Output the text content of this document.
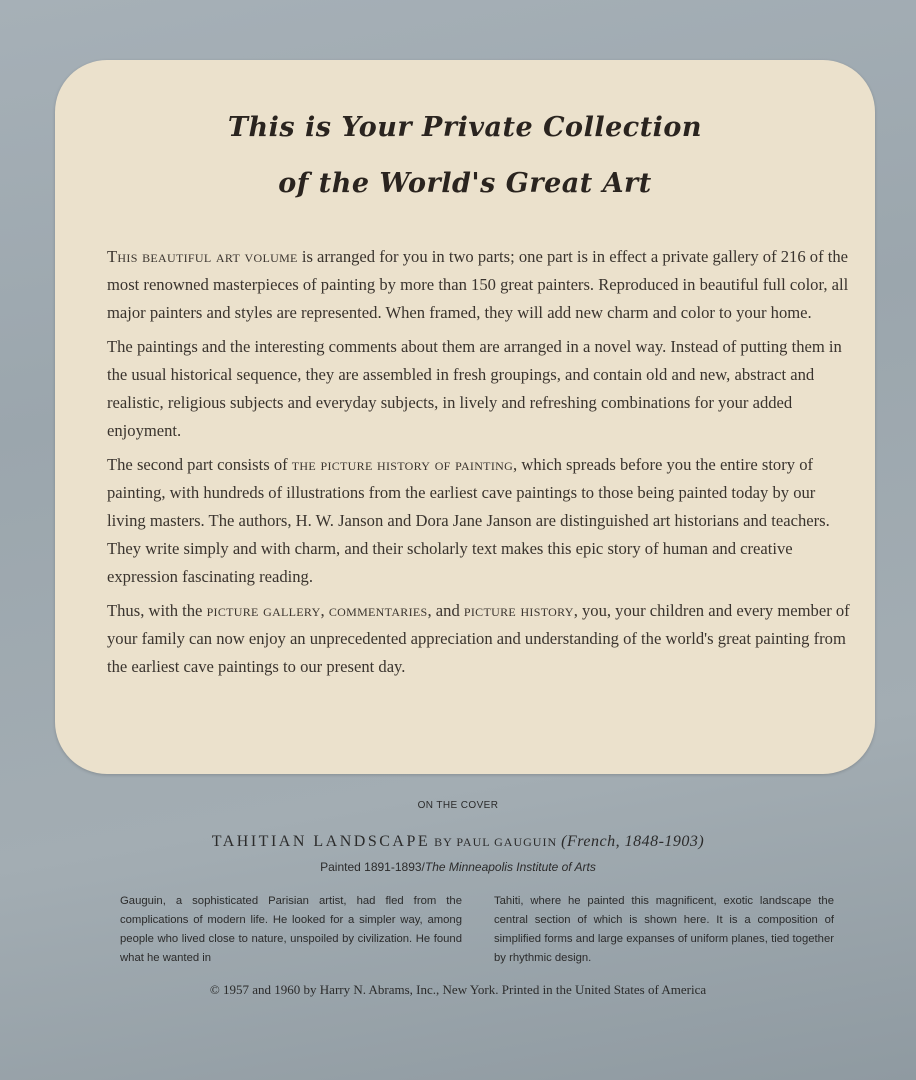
This is Your Private Collection
of the World's Great Art

This beautiful art volume is arranged for you in two parts; one part is in effect a private gallery of 216 of the most renowned masterpieces of painting by more than 150 great painters. Reproduced in beautiful full color, all major painters and styles are represented. When framed, they will add new charm and color to your home.

The paintings and the interesting comments about them are arranged in a novel way. Instead of putting them in the usual historical sequence, they are assembled in fresh groupings, and contain old and new, abstract and realistic, religious subjects and everyday subjects, in lively and refreshing combinations for your added enjoyment.

The second part consists of the picture history of painting, which spreads before you the entire story of painting, with hundreds of illustrations from the earliest cave paintings to those being painted today by our living masters. The authors, H. W. Janson and Dora Jane Janson are distinguished art historians and teachers. They write simply and with charm, and their scholarly text makes this epic story of human and creative expression fascinating reading.

Thus, with the picture gallery, commentaries, and picture history, you, your children and every member of your family can now enjoy an unprecedented appreciation and understanding of the world's great painting from the earliest cave paintings to our present day.

ON THE COVER
TAHITIAN LANDSCAPE BY PAUL GAUGUIN (French, 1848-1903)
Painted 1891-1893/The Minneapolis Institute of Arts
Gauguin, a sophisticated Parisian artist, had fled from the complications of modern life. He looked for a simpler way, among people who lived close to nature, unspoiled by civilization. He found what he wanted in
Tahiti, where he painted this magnificent, exotic landscape the central section of which is shown here. It is a composition of simplified forms and large expanses of uniform planes, tied together by rhythmic design.
© 1957 and 1960 by Harry N. Abrams, Inc., New York. Printed in the United States of America
